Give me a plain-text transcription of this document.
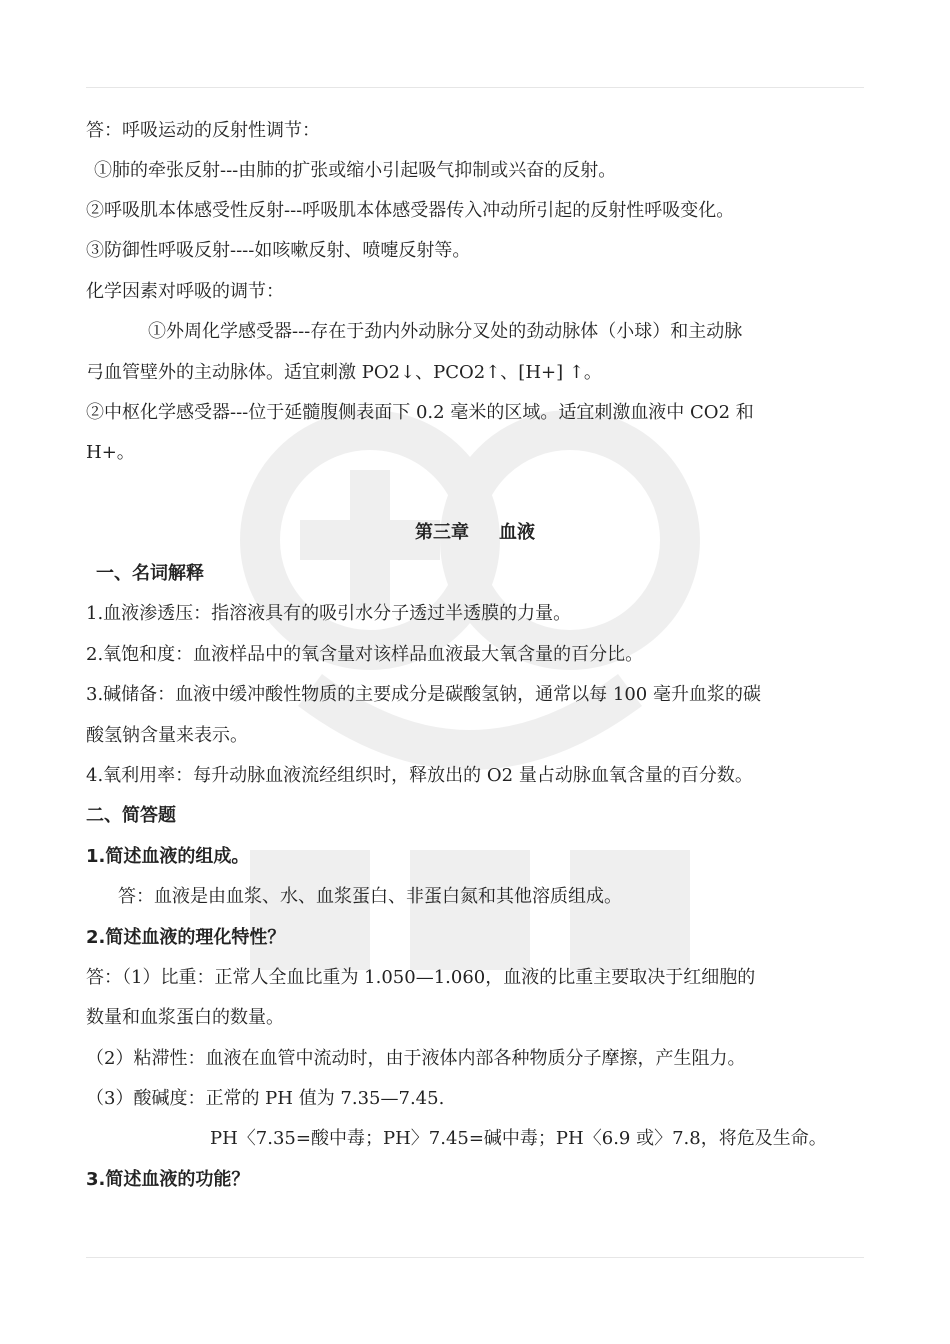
答：呼吸运动的反射性调节：
①肺的牵张反射---由肺的扩张或缩小引起吸气抑制或兴奋的反射。
②呼吸肌本体感受性反射---呼吸肌本体感受器传入冲动所引起的反射性呼吸变化。
③防御性呼吸反射----如咳嗽反射、喷嚏反射等。
化学因素对呼吸的调节：
①外周化学感受器---存在于劲内外动脉分叉处的劲动脉体（小球）和主动脉
弓血管壁外的主动脉体。适宜刺激 PO2↓、PCO2↑、[H+] ↑。
②中枢化学感受器---位于延髓腹侧表面下 0.2 毫米的区域。适宜刺激血液中 CO2 和
H+。
第三章 血液
一、名词解释
1.血液渗透压：指溶液具有的吸引水分子透过半透膜的力量。
2.氧饱和度：血液样品中的氧含量对该样品血液最大氧含量的百分比。
3.碱储备：血液中缓冲酸性物质的主要成分是碳酸氢钠，通常以每 100 毫升血浆的碳
酸氢钠含量来表示。
4.氧利用率：每升动脉血液流经组织时，释放出的 O2 量占动脉血氧含量的百分数。
二、简答题
1.简述血液的组成。
答：血液是由血浆、水、血浆蛋白、非蛋白氮和其他溶质组成。
2.简述血液的理化特性？
答：（1）比重：正常人全血比重为 1.050—1.060，血液的比重主要取决于红细胞的
数量和血浆蛋白的数量。
（2）粘滞性：血液在血管中流动时，由于液体内部各种物质分子摩擦，产生阻力。
（3）酸碱度：正常的 PH 值为 7.35—7.45.
PH〈7.35=酸中毒；PH〉7.45=碱中毒；PH〈6.9 或〉7.8，将危及生命。
3.简述血液的功能？
